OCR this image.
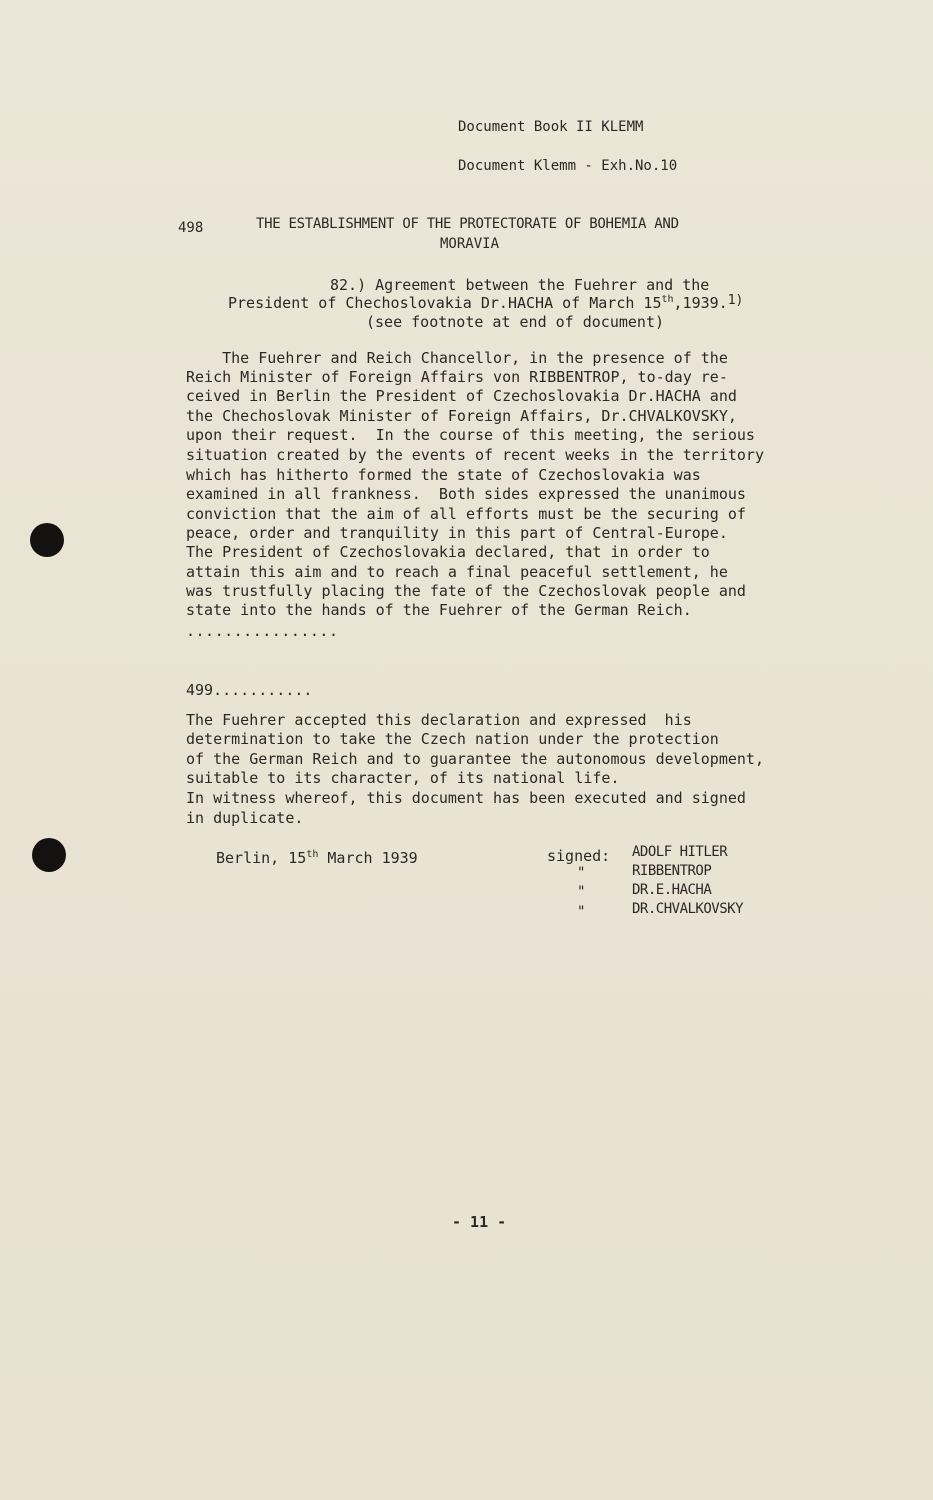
Document Book II KLEMM
Document Klemm - Exh.No.10
498	THE ESTABLISHMENT OF THE PROTECTORATE OF BOHEMIA AND
MORAVIA
82.) Agreement between the Fuehrer and the
President of Chechoslovakia Dr.HACHA of March 15th,1939.$^{1)}$
(see footnote at end of document)
The Fuehrer and Reich Chancellor, in the presence of the
Reich Minister of Foreign Affairs von RIBBENTROP, to-day re-
ceived in Berlin the President of Czechoslovakia Dr.HACHA and
the Chechoslovak Minister of Foreign Affairs, Dr.CHVALKOVSKY,
upon their request.  In the course of this meeting, the serious
situation created by the events of recent weeks in the territory
which has hitherto formed the state of Czechoslovakia was
examined in all frankness.  Both sides expressed the unanimous
conviction that the aim of all efforts must be the securing of
peace, order and tranquility in this part of Central-Europe.
The President of Czechoslovakia declared, that in order to
attain this aim and to reach a final peaceful settlement, he
was trustfully placing the fate of the Czechoslovak people and
state into the hands of the Fuehrer of the German Reich.
................
499...........
The Fuehrer accepted this declaration and expressed  his
determination to take the Czech nation under the protection
of the German Reich and to guarantee the autonomous development,
suitable to its character, of its national life.
In witness whereof, this document has been executed and signed
in duplicate.
Berlin, 15th March 1939	signed: ADOLF HITLER
"	RIBBENTROP
"	DR.E.HACHA
"	DR.CHVALKOVSKY
- 11 -
